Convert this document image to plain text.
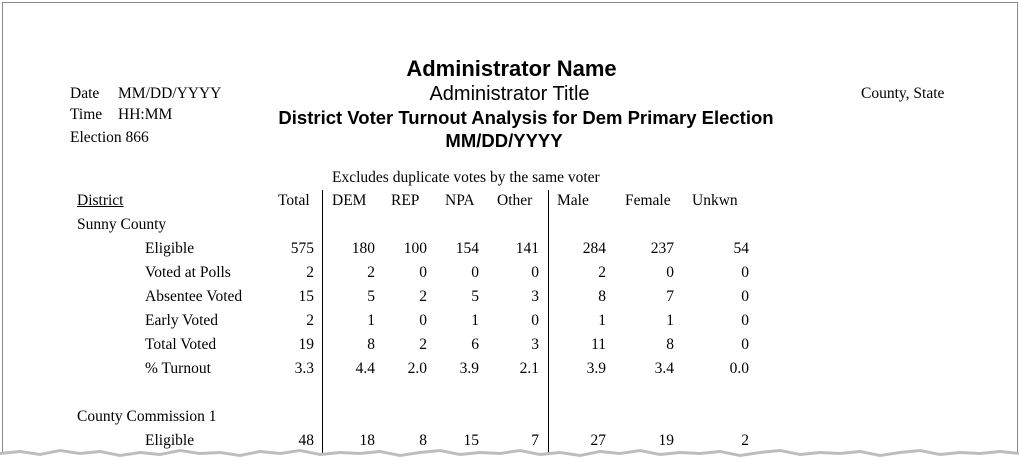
Administrator Name
Administrator Title
District Voter Turnout Analysis for Dem Primary Election
MM/DD/YYYY
Date MM/DD/YYYY
Time HH:MM
Election 866
County, State
Excludes duplicate votes by the same voter
District	Total DEM REP NPA Other Male Female Unkwn
Sunny County
Eligible	575	180	100	154	141	284	237	54
Voted at Polls	2	2	0	0	0	2	0	0
Absentee Voted	15	5	2	5	3	8	7	0
Early Voted	2	1	0	1	0	1	1	0
Total Voted	19	8	2	6	3	11	8	0
% Turnout	3.3	4.4	2.0	3.9	2.1	3.9	3.4	0.0
County Commission 1
Eligible	48	18	8	15	7	27	19	2
